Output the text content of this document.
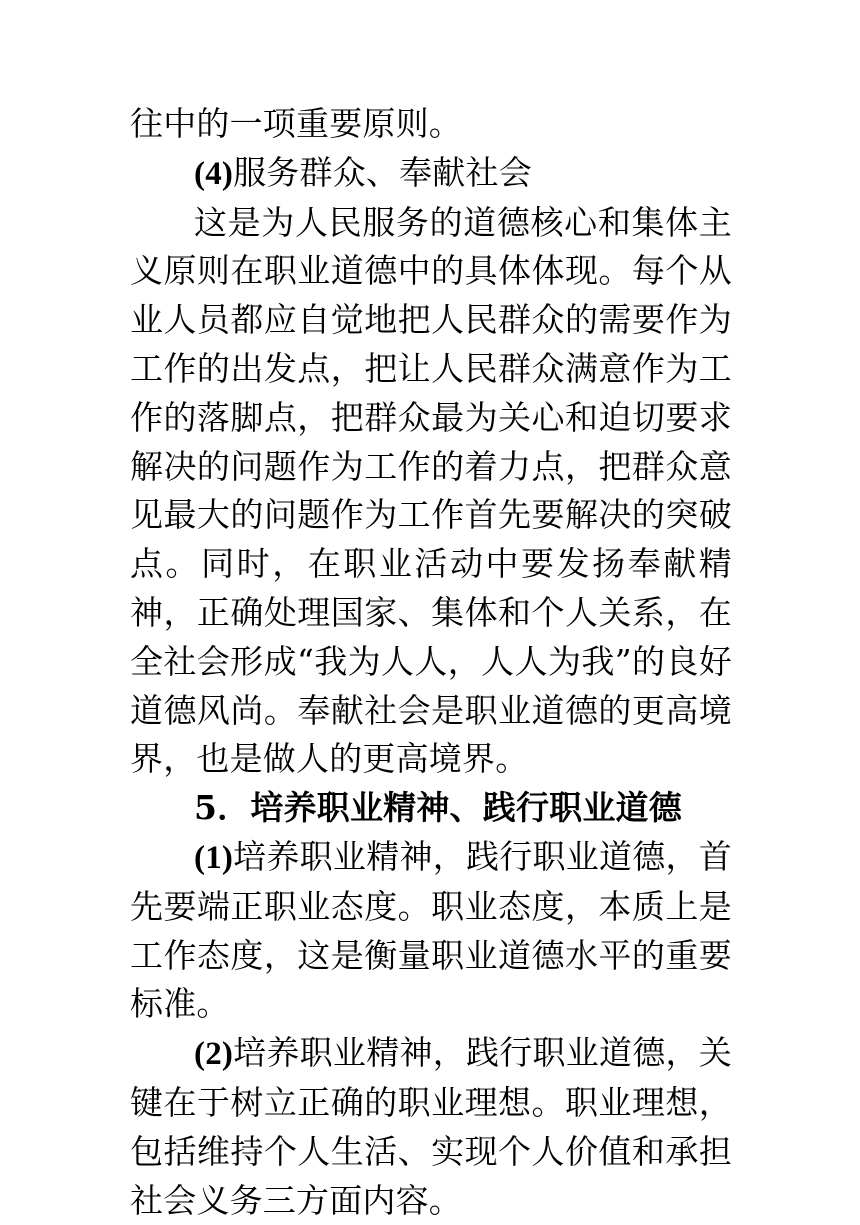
往中的一项重要原则。

(4)服务群众、奉献社会

这是为人民服务的道德核心和集体主义原则在职业道德中的具体体现。每个从业人员都应自觉地把人民群众的需要作为工作的出发点，把让人民群众满意作为工作的落脚点，把群众最为关心和迫切要求解决的问题作为工作的着力点，把群众意见最大的问题作为工作首先要解决的突破点。同时，在职业活动中要发扬奉献精神，正确处理国家、集体和个人关系，在全社会形成“我为人人，人人为我”的良好道德风尚。奉献社会是职业道德的更高境界，也是做人的更高境界。

5．培养职业精神、践行职业道德

(1)培养职业精神，践行职业道德，首先要端正职业态度。职业态度，本质上是工作态度，这是衡量职业道德水平的重要标准。

(2)培养职业精神，践行职业道德，关键在于树立正确的职业理想。职业理想，包括维持个人生活、实现个人价值和承担社会义务三方面内容。
